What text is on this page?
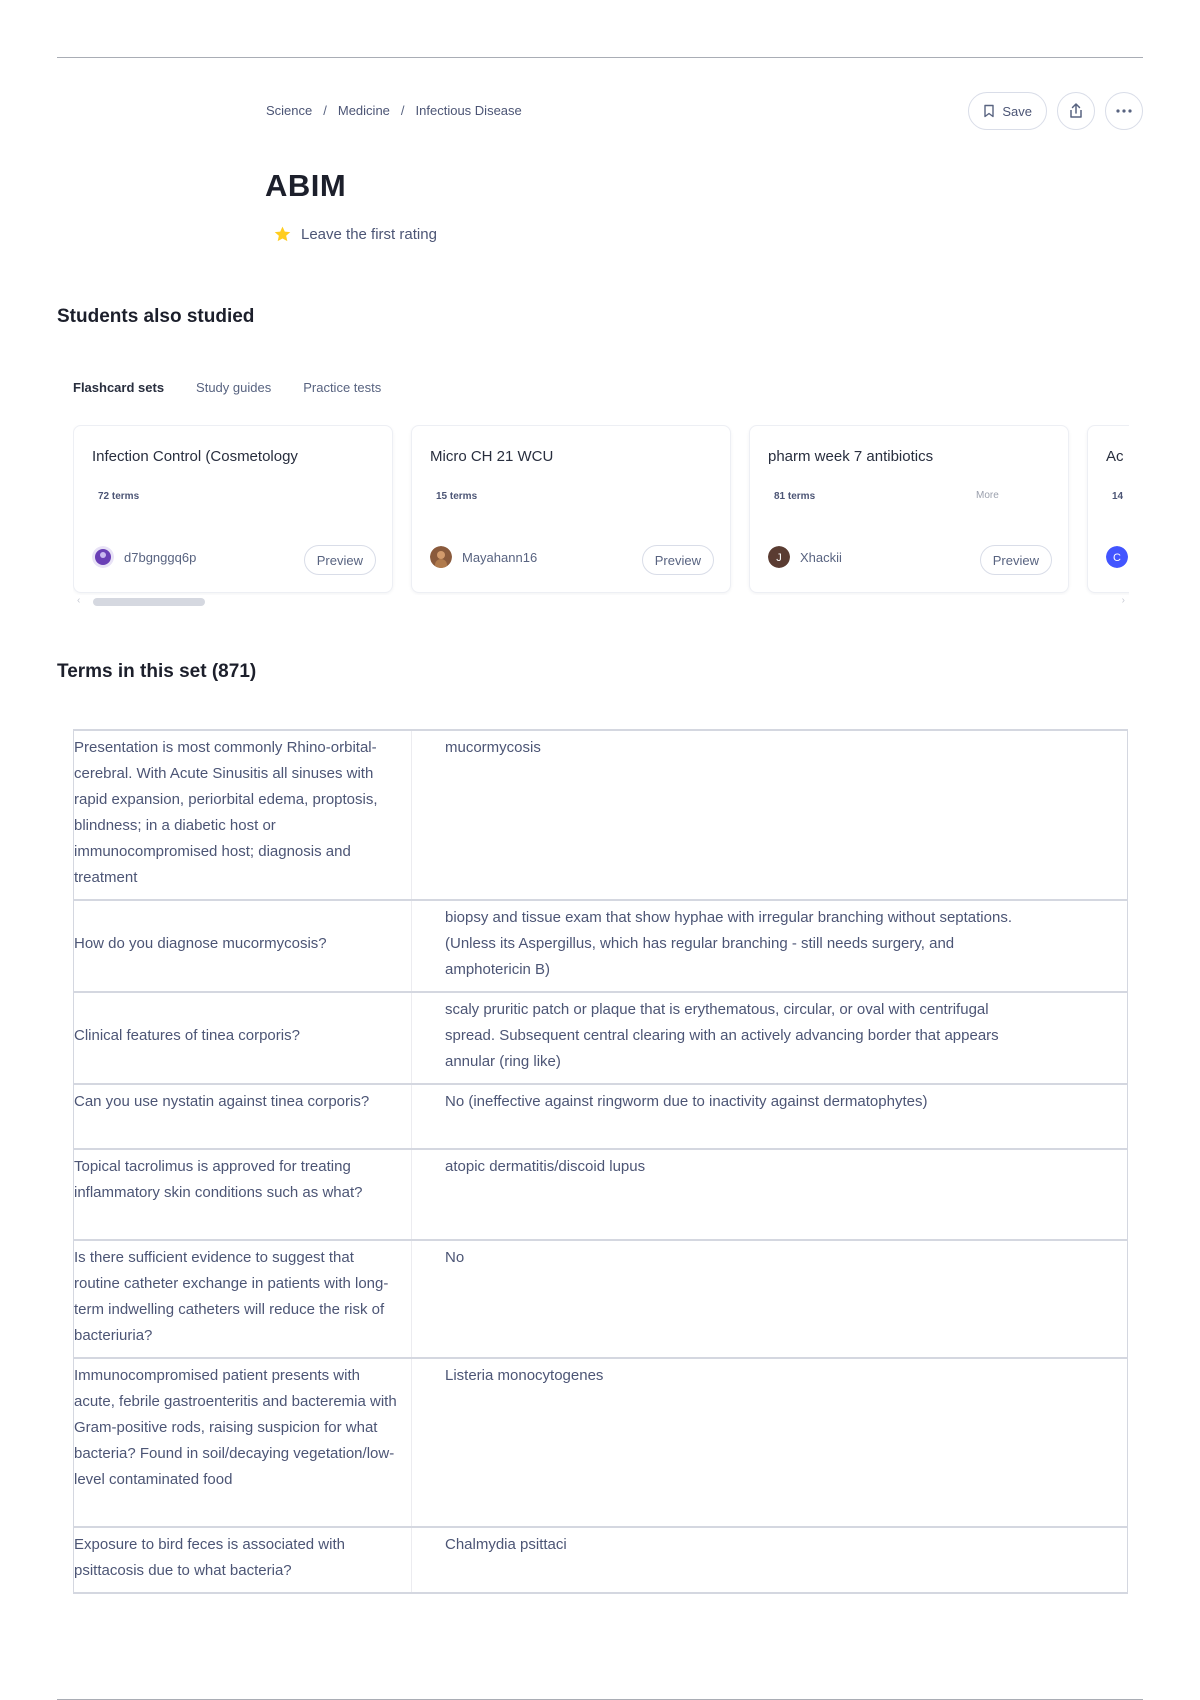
Science / Medicine / Infectious Disease	Save
ABIM
Leave the first rating
Students also studied
Flashcard sets Study guides Practice tests
Infection Control (Cosmetology
72 terms
d7bgnggq6p	Preview
Micro CH 21 WCU
15 terms
Mayahann16	Preview
pharm week 7 antibiotics
81 terms	More
J Xhackii	Preview
Ac
14
C
‹	›
Terms in this set (871)
Presentation is most commonly Rhino-orbital-cerebral. With Acute Sinusitis all sinuses with rapid expansion, periorbital edema, proptosis, blindness; in a diabetic host or immunocompromised host; diagnosis and treatment	mucormycosis
How do you diagnose mucormycosis?	biopsy and tissue exam that show hyphae with irregular branching without septations. (Unless its Aspergillus, which has regular branching - still needs surgery, and amphotericin B)
Clinical features of tinea corporis?	scaly pruritic patch or plaque that is erythematous, circular, or oval with centrifugal spread. Subsequent central clearing with an actively advancing border that appears annular (ring like)
Can you use nystatin against tinea corporis?	No (ineffective against ringworm due to inactivity against dermatophytes)
Topical tacrolimus is approved for treating inflammatory skin conditions such as what?	atopic dermatitis/discoid lupus
Is there sufficient evidence to suggest that routine catheter exchange in patients with long-term indwelling catheters will reduce the risk of bacteriuria?	No
Immunocompromised patient presents with acute, febrile gastroenteritis and bacteremia with Gram-positive rods, raising suspicion for what bacteria? Found in soil/decaying vegetation/low-level contaminated food	Listeria monocytogenes
Exposure to bird feces is associated with psittacosis due to what bacteria?	Chalmydia psittaci
